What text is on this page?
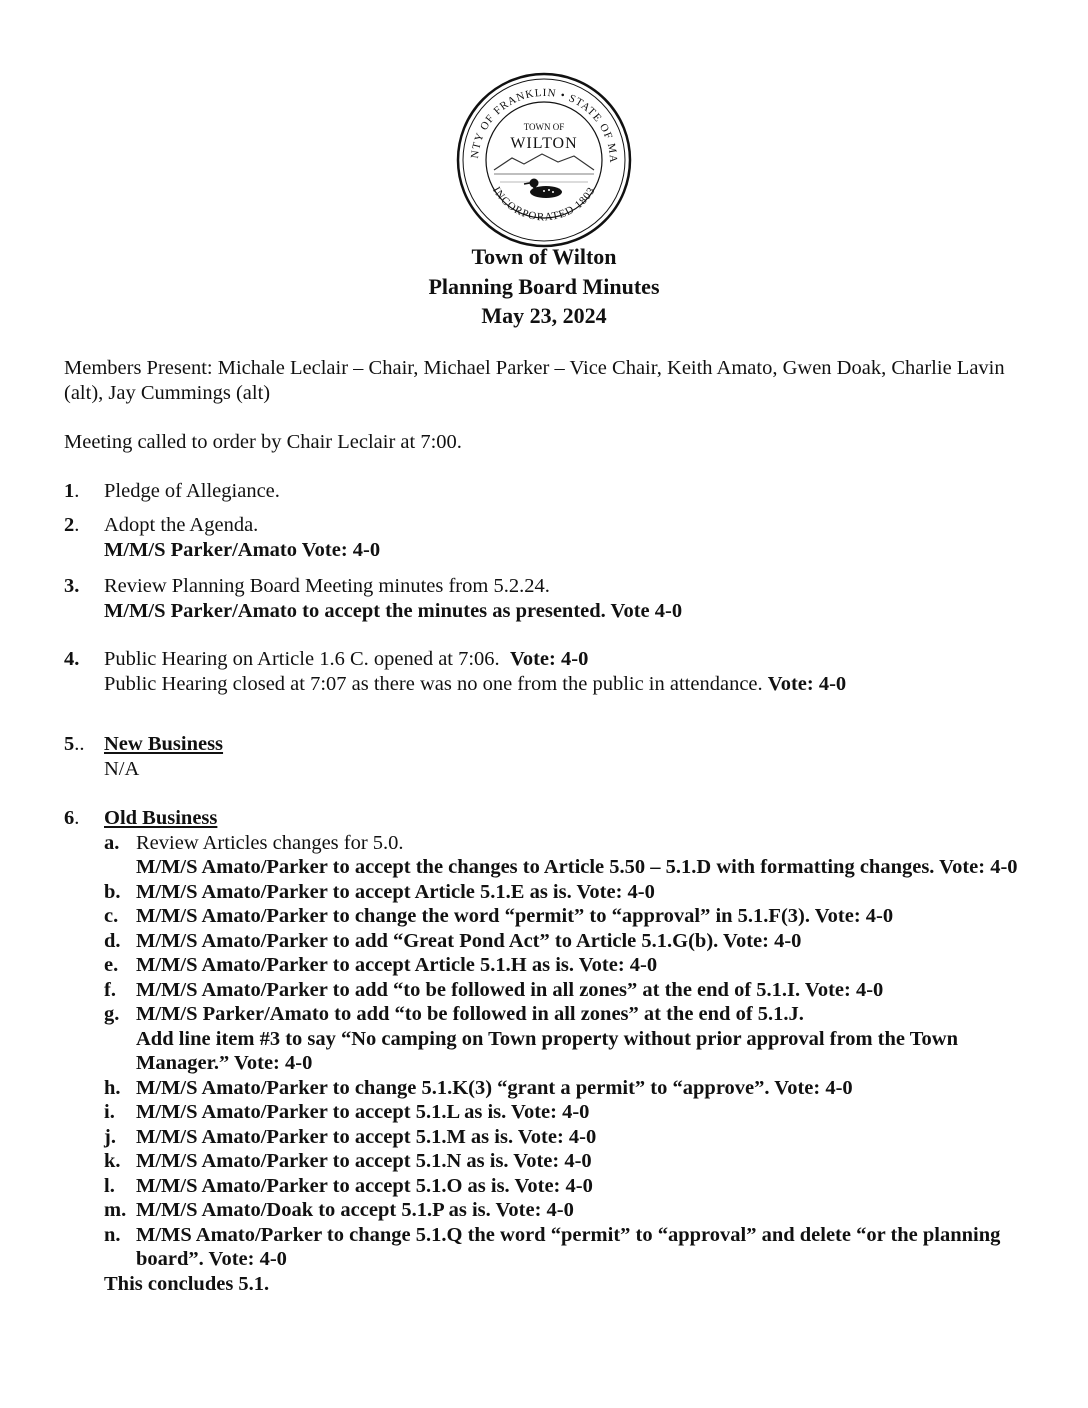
NTY OF FRANKLIN • STATE OF MA
INCORPORATED 1803
TOWN OF
WILTON
Town of Wilton
Planning Board Minutes
May 23, 2024
Members Present: Michale Leclair – Chair, Michael Parker – Vice Chair, Keith Amato, Gwen Doak, Charlie Lavin (alt), Jay Cummings (alt)
Meeting called to order by Chair Leclair at 7:00.
1.	Pledge of Allegiance.
2.	Adopt the Agenda.
M/M/S Parker/Amato Vote: 4-0
3.	Review Planning Board Meeting minutes from 5.2.24.
M/M/S Parker/Amato to accept the minutes as presented. Vote 4-0
4.	Public Hearing on Article 1.6 C. opened at 7:06. Vote: 4-0
Public Hearing closed at 7:07 as there was no one from the public in attendance. Vote: 4-0
5.. New Business
N/A
6.	Old Business
a. Review Articles changes for 5.0.
M/M/S Amato/Parker to accept the changes to Article 5.50 – 5.1.D with formatting changes. Vote: 4-0
b. M/M/S Amato/Parker to accept Article 5.1.E as is. Vote: 4-0
c. M/M/S Amato/Parker to change the word “permit” to “approval” in 5.1.F(3). Vote: 4-0
d. M/M/S Amato/Parker to add “Great Pond Act” to Article 5.1.G(b). Vote: 4-0
e. M/M/S Amato/Parker to accept Article 5.1.H as is. Vote: 4-0
f. M/M/S Amato/Parker to add “to be followed in all zones” at the end of 5.1.I. Vote: 4-0
g. M/M/S Parker/Amato to add “to be followed in all zones” at the end of 5.1.J.
Add line item #3 to say “No camping on Town property without prior approval from the Town Manager.” Vote: 4-0
h. M/M/S Amato/Parker to change 5.1.K(3) “grant a permit” to “approve”. Vote: 4-0
i. M/M/S Amato/Parker to accept 5.1.L as is. Vote: 4-0
j. M/M/S Amato/Parker to accept 5.1.M as is. Vote: 4-0
k. M/M/S Amato/Parker to accept 5.1.N as is. Vote: 4-0
l. M/M/S Amato/Parker to accept 5.1.O as is. Vote: 4-0
m. M/M/S Amato/Doak to accept 5.1.P as is. Vote: 4-0
n. M/MS Amato/Parker to change 5.1.Q the word “permit” to “approval” and delete “or the planning board”. Vote: 4-0
This concludes 5.1.
